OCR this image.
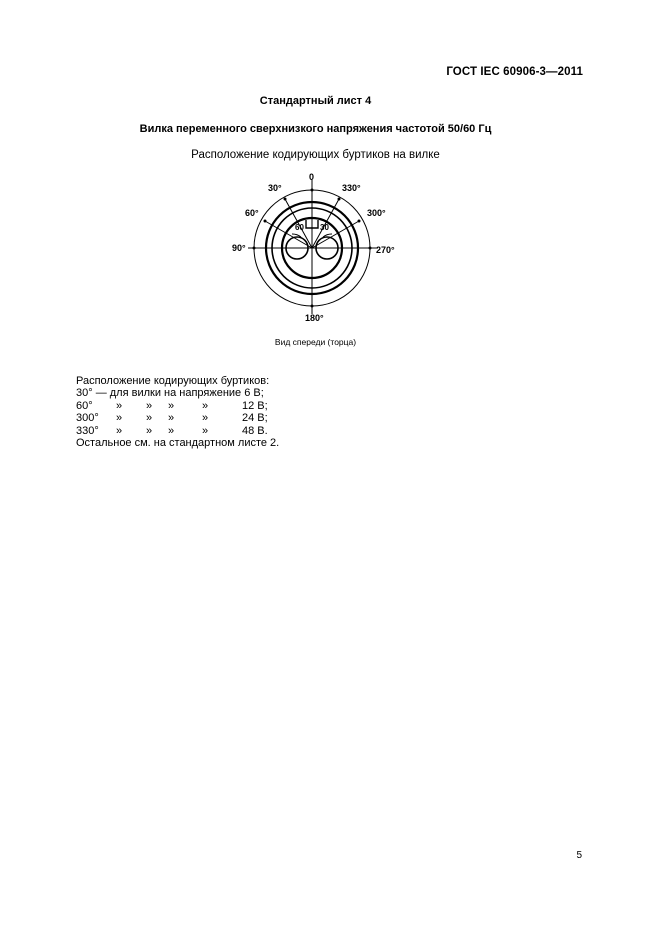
ГОСТ IEC 60906-3—2011
Стандартный лист 4
Вилка переменного сверхнизкого напряжения частотой 50/60 Гц
Расположение кодирующих буртиков на вилке
0
30°	330°
60°	300°
90°	270°
180°
60 30
Вид спереди (торца)
Расположение кодирующих буртиков:
30° — для вилки на напряжение 6 В;
60° » » »	»	12 В;
300° » » »	»	24 В;
330° » » »	»	48 В.
Остальное см. на стандартном листе 2.
5
